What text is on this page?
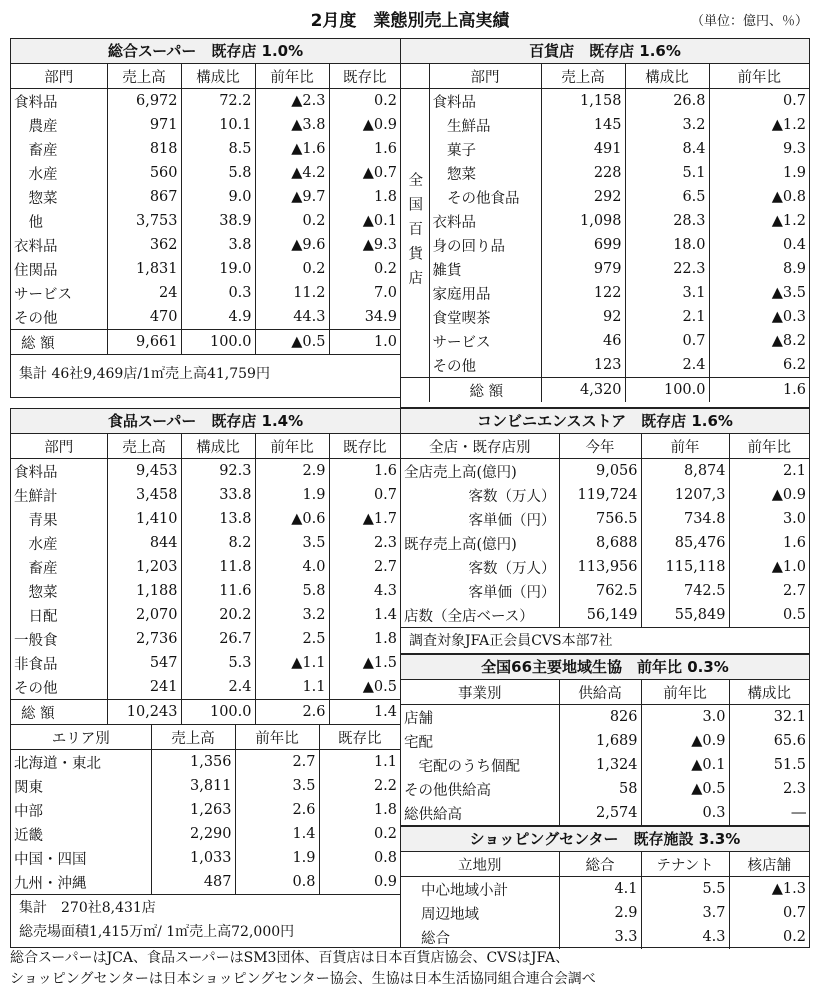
2月度　業態別売上高実績	（単位：億円、％）
総合スーパー　既存店 1.0%
部門	売上高	構成比	前年比	既存比
食料品	6,972	72.2	▲2.3	0.2
　農産	971	10.1	▲3.8	▲0.9
　畜産	818	8.5	▲1.6	1.6
　水産	560	5.8	▲4.2	▲0.7
　惣菜	867	9.0	▲9.7	1.8
　他	3,753	38.9	0.2	▲0.1
衣料品	362	3.8	▲9.6	▲9.3
住関品	1,831	19.0	0.2	0.2
サービス	24	0.3	11.2	7.0
その他	470	4.9	44.3	34.9
総 額	9,661	100.0	▲0.5	1.0
集計 46社9,469店/1㎡売上高41,759円
百貨店　既存店 1.6%
	部門	売上高	構成比	前年比
全国百貨店	食料品	1,158	26.8	0.7
	　生鮮品	145	3.2	▲1.2
	　菓子	491	8.4	9.3
	　惣菜	228	5.1	1.9
	　その他食品	292	6.5	▲0.8
	衣料品	1,098	28.3	▲1.2
	身の回り品	699	18.0	0.4
	雑貨	979	22.3	8.9
	家庭用品	122	3.1	▲3.5
	食堂喫茶	92	2.1	▲0.3
	サービス	46	0.7	▲8.2
	その他	123	2.4	6.2
	総 額	4,320	100.0	1.6
食品スーパー　既存店 1.4%
部門	売上高	構成比	前年比	既存比
食料品	9,453	92.3	2.9	1.6
生鮮計	3,458	33.8	1.9	0.7
　青果	1,410	13.8	▲0.6	▲1.7
　水産	844	8.2	3.5	2.3
　畜産	1,203	11.8	4.0	2.7
　惣菜	1,188	11.6	5.8	4.3
　日配	2,070	20.2	3.2	1.4
一般食	2,736	26.7	2.5	1.8
非食品	547	5.3	▲1.1	▲1.5
その他	241	2.4	1.1	▲0.5
総 額	10,243	100.0	2.6	1.4
エリア別	売上高	前年比	既存比
北海道・東北	1,356	2.7	1.1
関東	3,811	3.5	2.2
中部	1,263	2.6	1.8
近畿	2,290	1.4	0.2
中国・四国	1,033	1.9	0.8
九州・沖縄	487	0.8	0.9
集計　270社8,431店
総売場面積1,415万㎡/ 1㎡売上高72,000円
コンビニエンスストア　既存店 1.6%
全店・既存店別	今年	前年	前年比
全店売上高(億円)	9,056	8,874	2.1
客数（万人）	119,724	1207,3	▲0.9
客単価（円）	756.5	734.8	3.0
既存売上高(億円)	8,688	85,476	1.6
客数（万人）	113,956	115,118	▲1.0
客単価（円）	762.5	742.5	2.7
店数（全店ベース）	56,149	55,849	0.5
調査対象JFA正会員CVS本部7社
全国66主要地域生協　前年比 0.3%
事業別	供給高	前年比	構成比
店舗	826	3.0	32.1
宅配	1,689	▲0.9	65.6
　宅配のうち個配	1,324	▲0.1	51.5
その他供給高	58	▲0.5	2.3
総供給高	2,574	0.3	―
ショッピングセンター　既存施設 3.3%
立地別	総合	テナント	核店舗
中心地域小計	4.1	5.5	▲1.3
周辺地域	2.9	3.7	0.7
総合	3.3	4.3	0.2
総合スーパーはJCA、食品スーパーはSM3団体、百貨店は日本百貨店協会、CVSはJFA、
ショッピングセンターは日本ショッピングセンター協会、生協は日本生活協同組合連合会調べ
